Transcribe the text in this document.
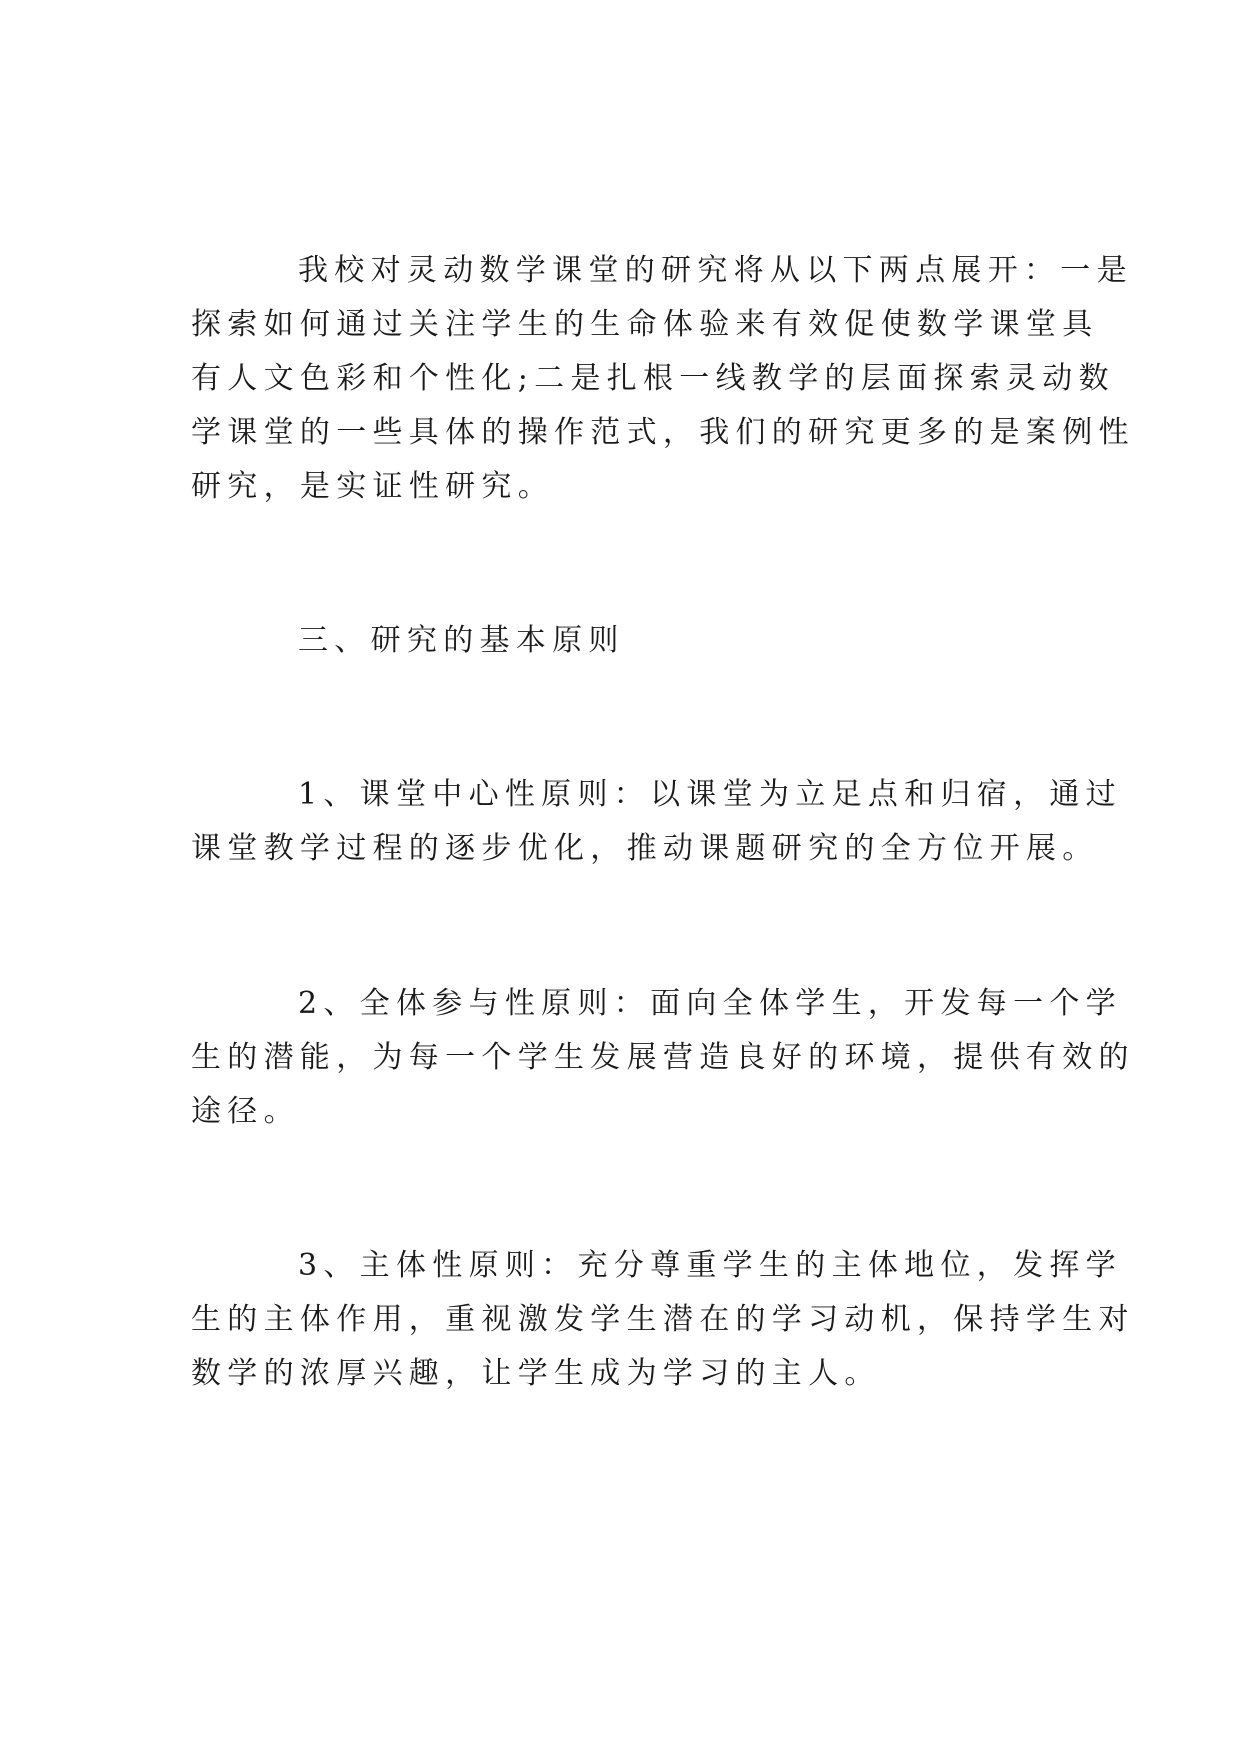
我校对灵动数学课堂的研究将从以下两点展开：一是
探索如何通过关注学生的生命体验来有效促使数学课堂具
有人文色彩和个性化;二是扎根一线教学的层面探索灵动数
学课堂的一些具体的操作范式，我们的研究更多的是案例性
研究，是实证性研究。
三、研究的基本原则
1、课堂中心性原则：以课堂为立足点和归宿，通过
课堂教学过程的逐步优化，推动课题研究的全方位开展。
2、全体参与性原则：面向全体学生，开发每一个学
生的潜能，为每一个学生发展营造良好的环境，提供有效的
途径。
3、主体性原则：充分尊重学生的主体地位，发挥学
生的主体作用，重视激发学生潜在的学习动机，保持学生对
数学的浓厚兴趣，让学生成为学习的主人。
